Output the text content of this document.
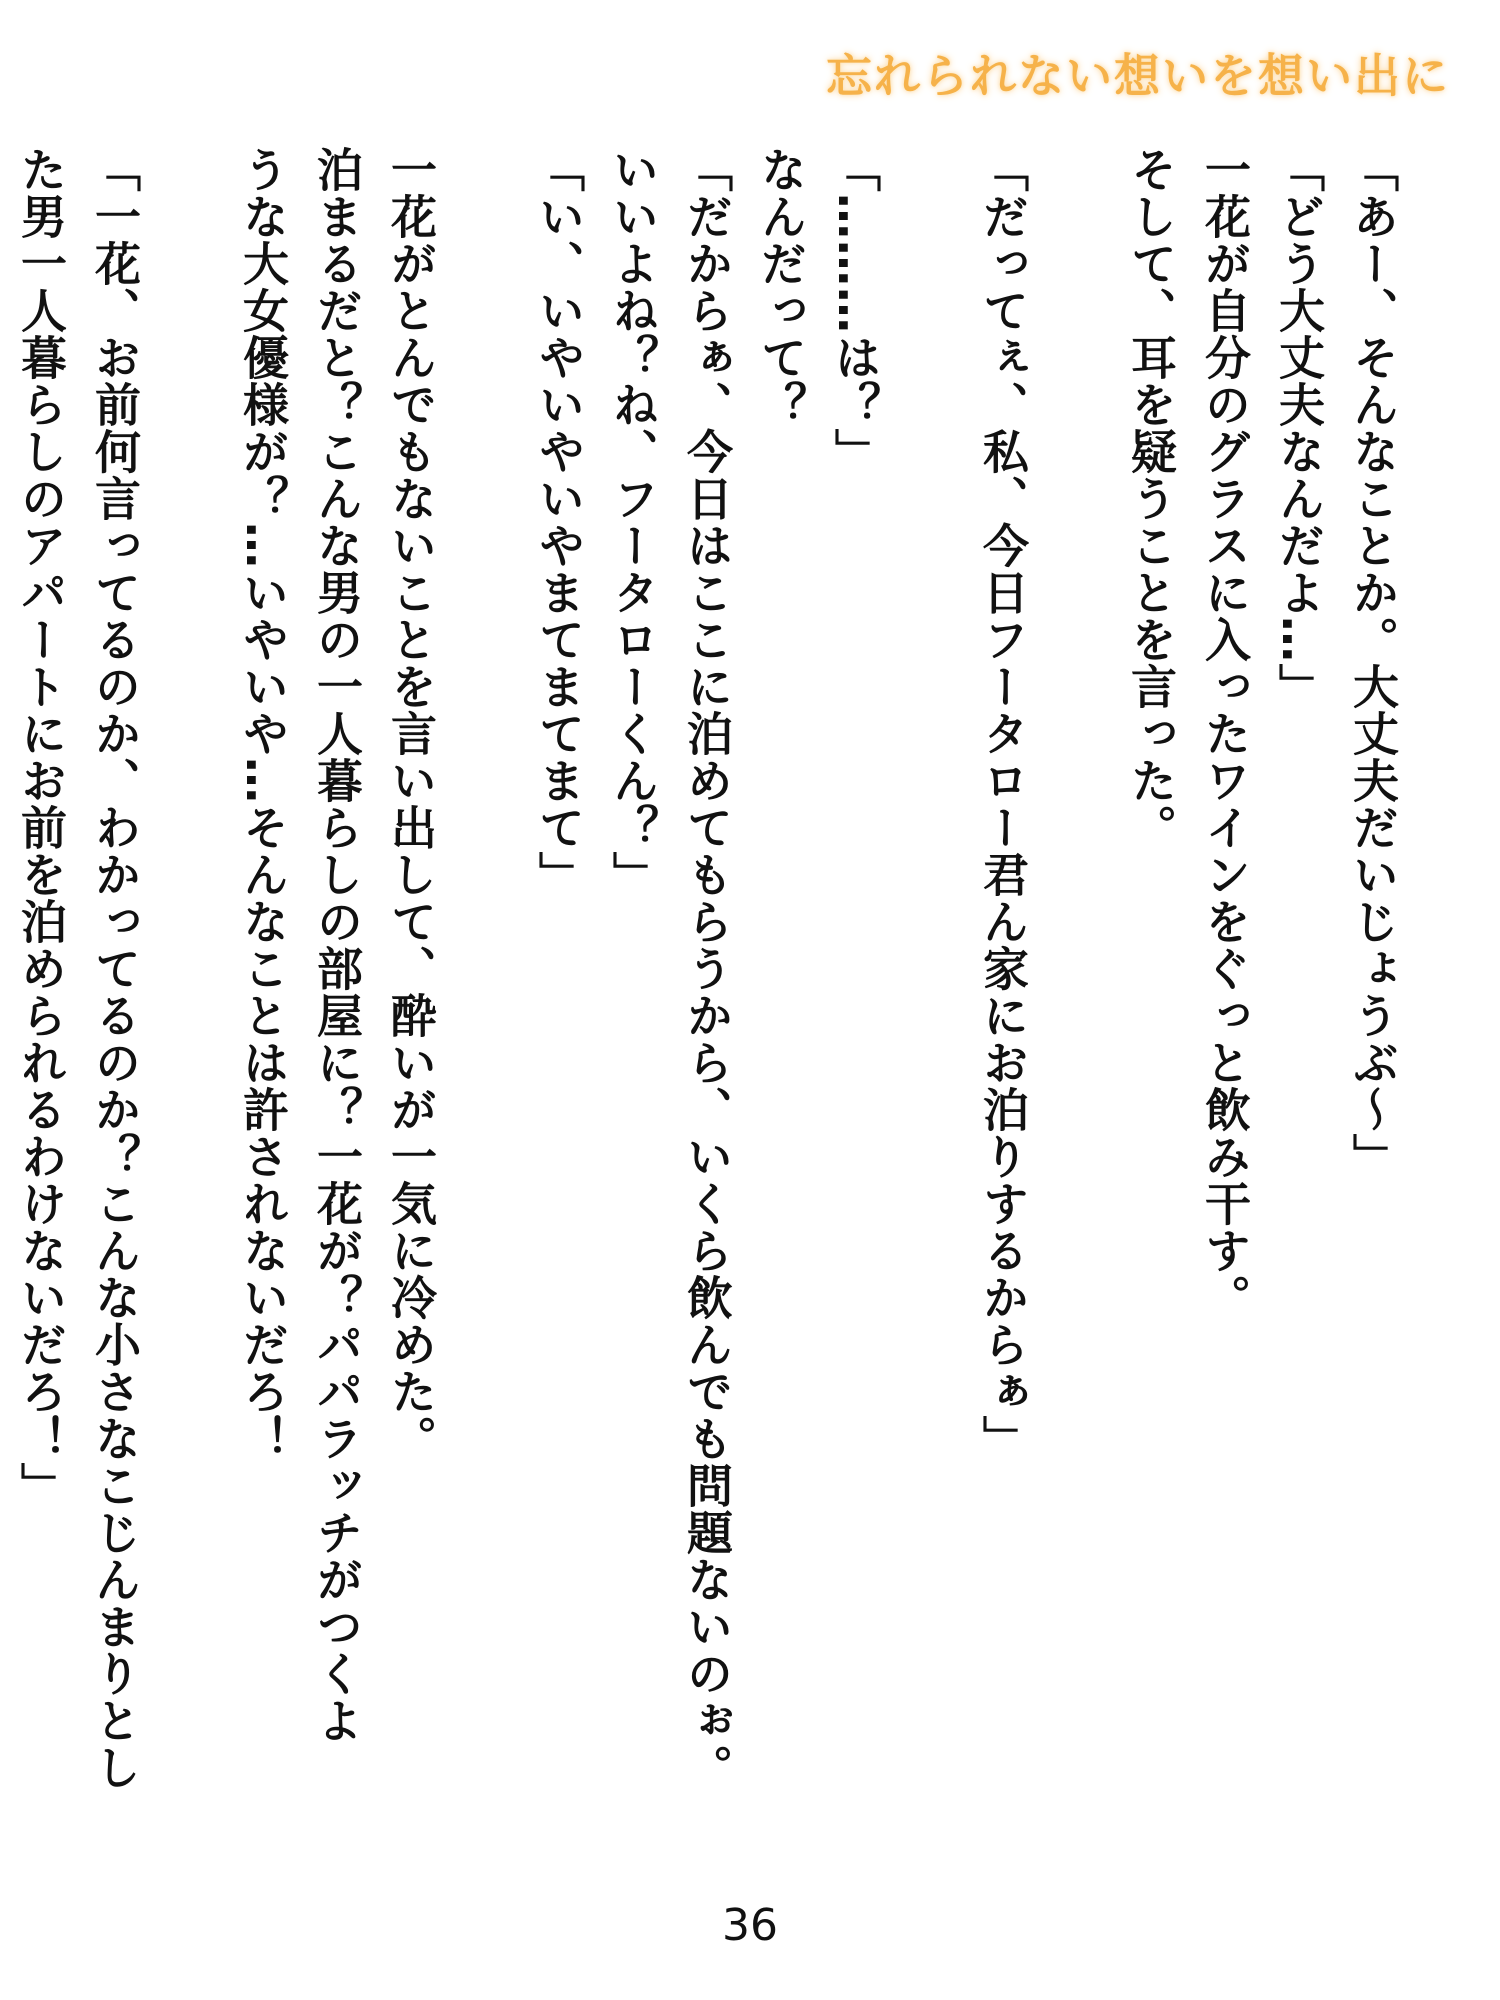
忘れられない想いを想い出に
「あー、そんなことか。大丈夫だいじょうぶ～」
「どう大丈夫なんだよ…」
一花が自分のグラスに入ったワインをぐっと飲み干す。
そして、耳を疑うことを言った。
「だってぇ、私、今日フータロー君ん家にお泊りするからぁ」
「………は？」
なんだって？
「だからぁ、今日はここに泊めてもらうから、いくら飲んでも問題ないのぉ。
いいよね？ね、フータローくん？」
「い、いやいやいやまてまてまて」
一花がとんでもないことを言い出して、酔いが一気に冷めた。
泊まるだと？こんな男の一人暮らしの部屋に？一花が？パパラッチがつくよ
うな大女優様が？…いやいや…そんなことは許されないだろ！
「一花、お前何言ってるのか、わかってるのか？こんな小さなこじんまりとし
た男一人暮らしのアパートにお前を泊められるわけないだろ！」
36
